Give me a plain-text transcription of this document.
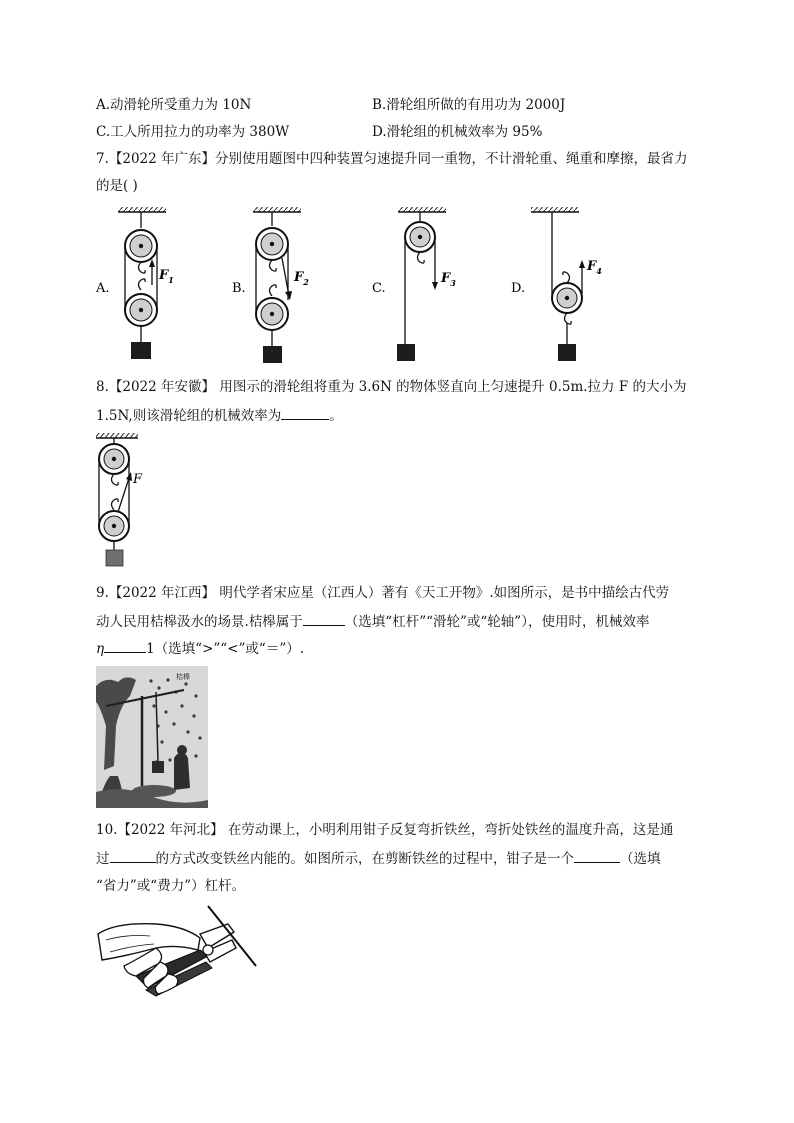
A.动滑轮所受重力为 10N	B.滑轮组所做的有用功为 2000J
C.工人所用拉力的功率为 380W	D.滑轮组的机械效率为 95%
7.【2022 年广东】分别使用题图中四种装置匀速提升同一重物，不计滑轮重、绳重和摩擦，最省力
的是( )
$F_1$
A.
$F_2$
B.
$F_3$
C.
$F_4$
D.
8.【2022 年安徽】 用图示的滑轮组将重为 3.6N 的物体竖直向上匀速提升 0.5m.拉力 F 的大小为
1.5N,则该滑轮组的机械效率为	。
F
9.【2022 年江西】 明代学者宋应星（江西人）著有《天工开物》.如图所示，是书中描绘古代劳
动人民用桔槔汲水的场景.桔槔属于	（选填“杠杆”“滑轮”或“轮轴”），使用时，机械效率
η	1（选填“>”“<”或“＝”）.
桔槔
10.【2022 年河北】 在劳动课上，小明利用钳子反复弯折铁丝，弯折处铁丝的温度升高，这是通
过	的方式改变铁丝内能的。如图所示，在剪断铁丝的过程中，钳子是一个	（选填
“省力”或“费力”）杠杆。
